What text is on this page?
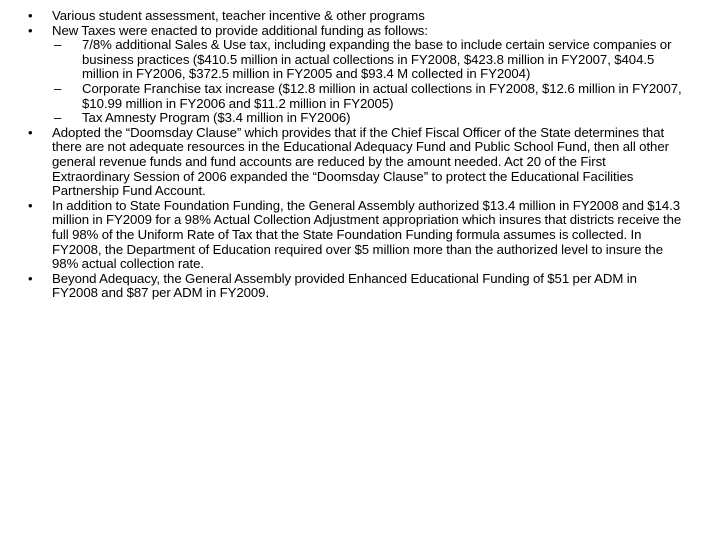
•	Various student assessment, teacher incentive & other programs
•	New Taxes were enacted to provide additional funding as follows:
–	7/8% additional Sales & Use tax, including expanding the base to include certain service companies or business practices ($410.5 million in actual collections in FY2008, $423.8 million in FY2007, $404.5 million in FY2006, $372.5 million in FY2005 and $93.4 M collected in FY2004)
–	Corporate Franchise tax increase ($12.8 million in actual collections in FY2008, $12.6 million in FY2007, $10.99 million in FY2006 and $11.2 million in FY2005)
–	Tax Amnesty Program ($3.4 million in FY2006)
•	Adopted the “Doomsday Clause” which provides that if the Chief Fiscal Officer of the State determines that there are not adequate resources in the Educational Adequacy Fund and Public School Fund, then all other general revenue funds and fund accounts are reduced by the amount needed. Act 20 of the First Extraordinary Session of 2006 expanded the “Doomsday Clause” to protect the Educational Facilities Partnership Fund Account.
•	In addition to State Foundation Funding, the General Assembly authorized $13.4 million in FY2008 and $14.3 million in FY2009 for a 98% Actual Collection Adjustment appropriation which insures that districts receive the full 98% of the Uniform Rate of Tax that the State Foundation Funding formula assumes is collected. In FY2008, the Department of Education required over $5 million more than the authorized level to insure the 98% actual collection rate.
•	Beyond Adequacy, the General Assembly provided Enhanced Educational Funding of $51 per ADM in FY2008 and $87 per ADM in FY2009.
